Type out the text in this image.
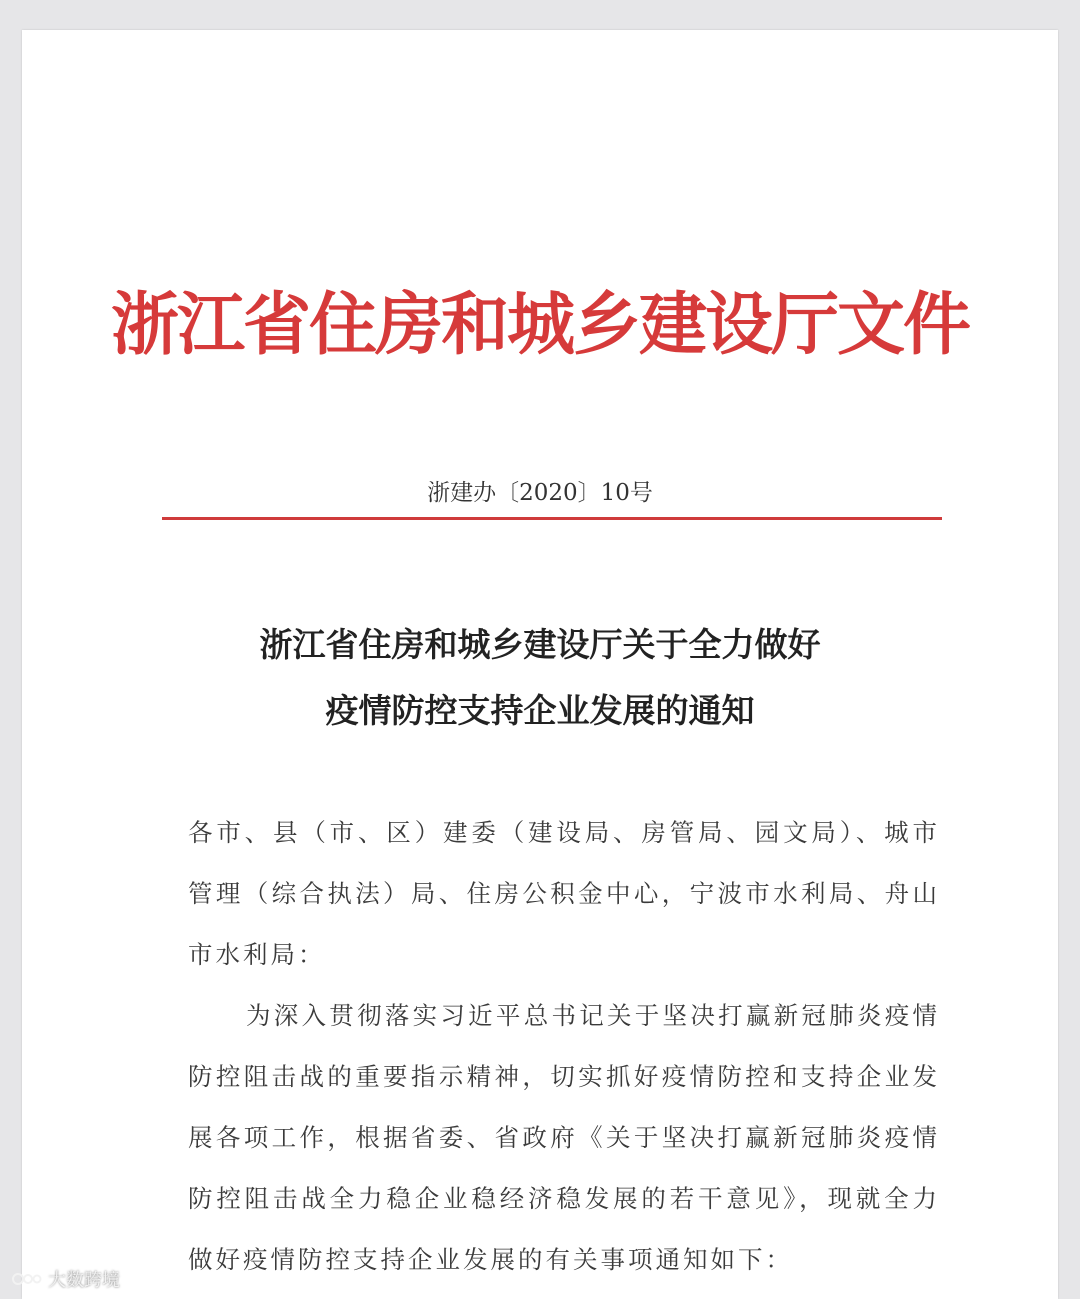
浙江省住房和城乡建设厅文件
浙建办〔2020〕10号
浙江省住房和城乡建设厅关于全力做好
疫情防控支持企业发展的通知

各市、县（市、区）建委（建设局、房管局、园文局）、城市管理（综合执法）局、住房公积金中心，宁波市水利局、舟山市水利局：

为深入贯彻落实习近平总书记关于坚决打赢新冠肺炎疫情防控阻击战的重要指示精神，切实抓好疫情防控和支持企业发展各项工作，根据省委、省政府《关于坚决打赢新冠肺炎疫情防控阻击战全力稳企业稳经济稳发展的若干意见》，现就全力做好疫情防控支持企业发展的有关事项通知如下：

大数跨境
